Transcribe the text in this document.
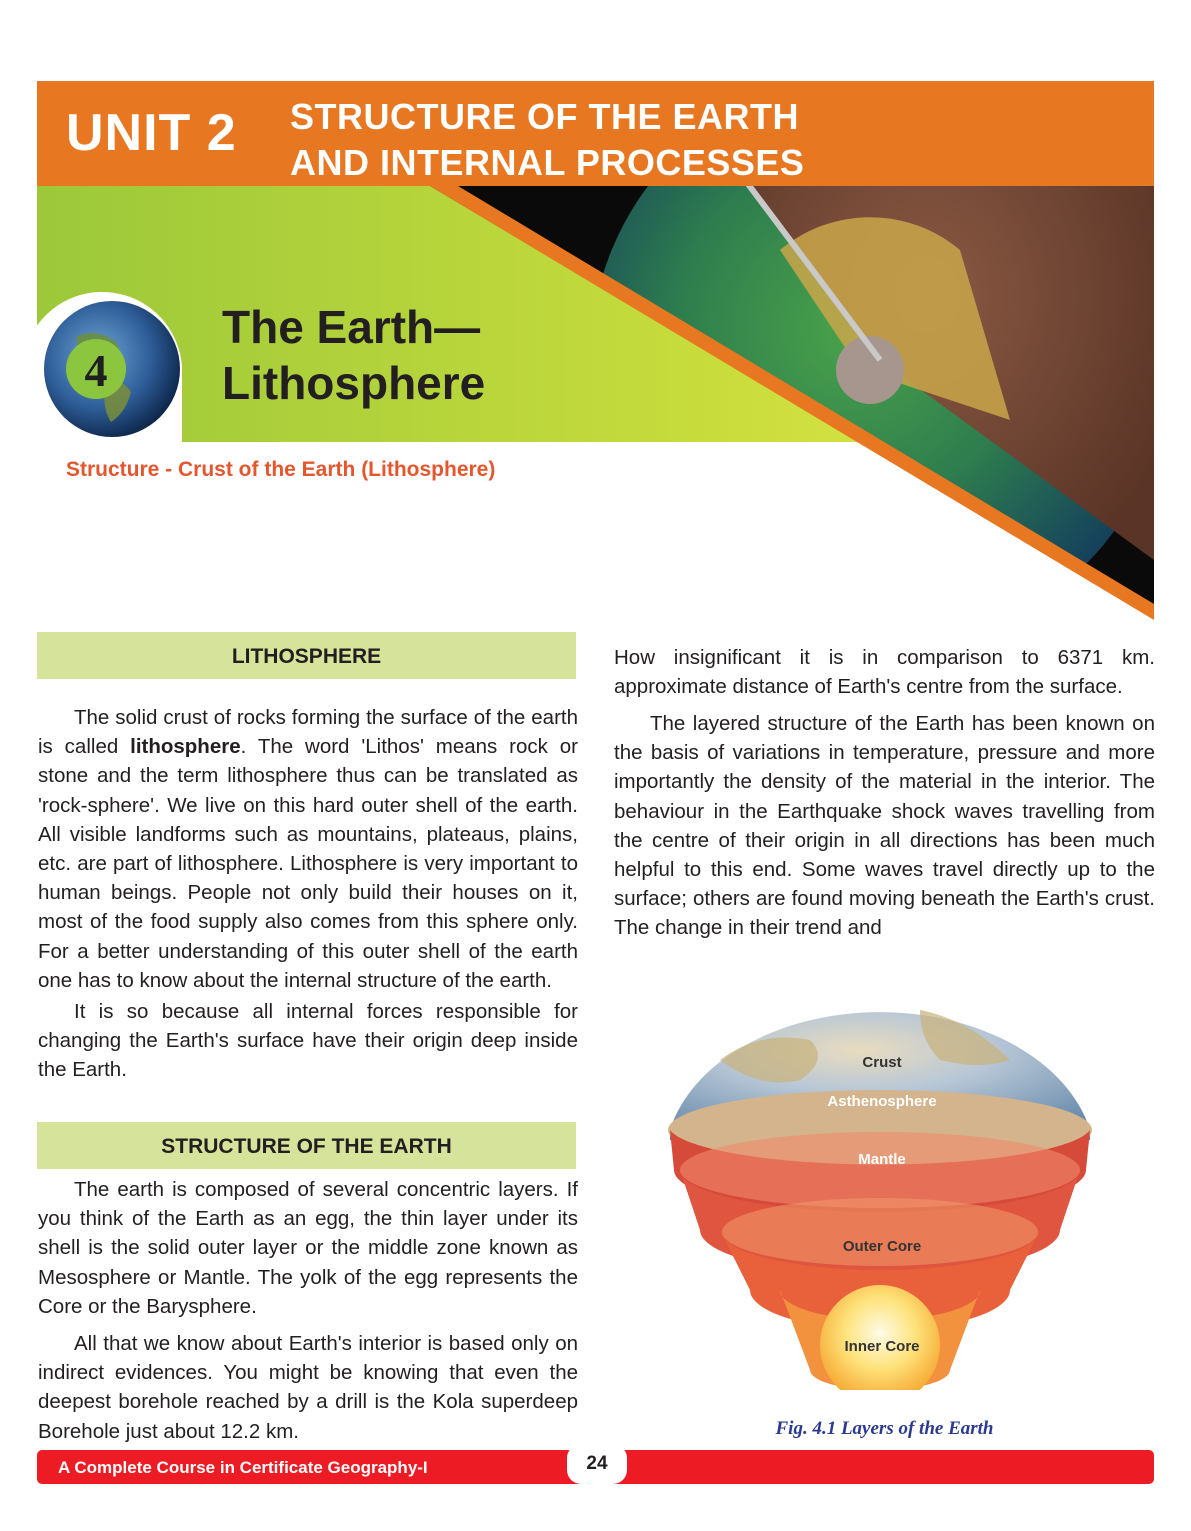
UNIT 2 STRUCTURE OF THE EARTH
AND INTERNAL PROCESSES
4
The Earth—
Lithosphere
Structure - Crust of the Earth (Lithosphere)
LITHOSPHERE

The solid crust of rocks forming the surface of the earth is called lithosphere. The word 'Lithos' means rock or stone and the term lithosphere thus can be translated as 'rock-sphere'. We live on this hard outer shell of the earth. All visible landforms such as mountains, plateaus, plains, etc. are part of lithosphere. Lithosphere is very important to human beings. People not only build their houses on it, most of the food supply also comes from this sphere only. For a better understanding of this outer shell of the earth one has to know about the internal structure of the earth.

It is so because all internal forces responsible for changing the Earth's surface have their origin deep inside the Earth.

STRUCTURE OF THE EARTH

The earth is composed of several concentric layers. If you think of the Earth as an egg, the thin layer under its shell is the solid outer layer or the middle zone known as Mesosphere or Mantle. The yolk of the egg represents the Core or the Barysphere.

All that we know about Earth's interior is based only on indirect evidences. You might be knowing that even the deepest borehole reached by a drill is the Kola superdeep Borehole just about 12.2 km.

How insignificant it is in comparison to 6371 km. approximate distance of Earth's centre from the surface.

The layered structure of the Earth has been known on the basis of variations in temperature, pressure and more importantly the density of the material in the interior. The behaviour in the Earthquake shock waves travelling from the centre of their origin in all directions has been much helpful to this end. Some waves travel directly up to the surface; others are found moving beneath the Earth's crust. The change in their trend and

Crust
Asthenosphere
Mantle
Outer Core
Inner Core
Fig. 4.1 Layers of the Earth
A Complete Course in Certificate Geography-I	24
